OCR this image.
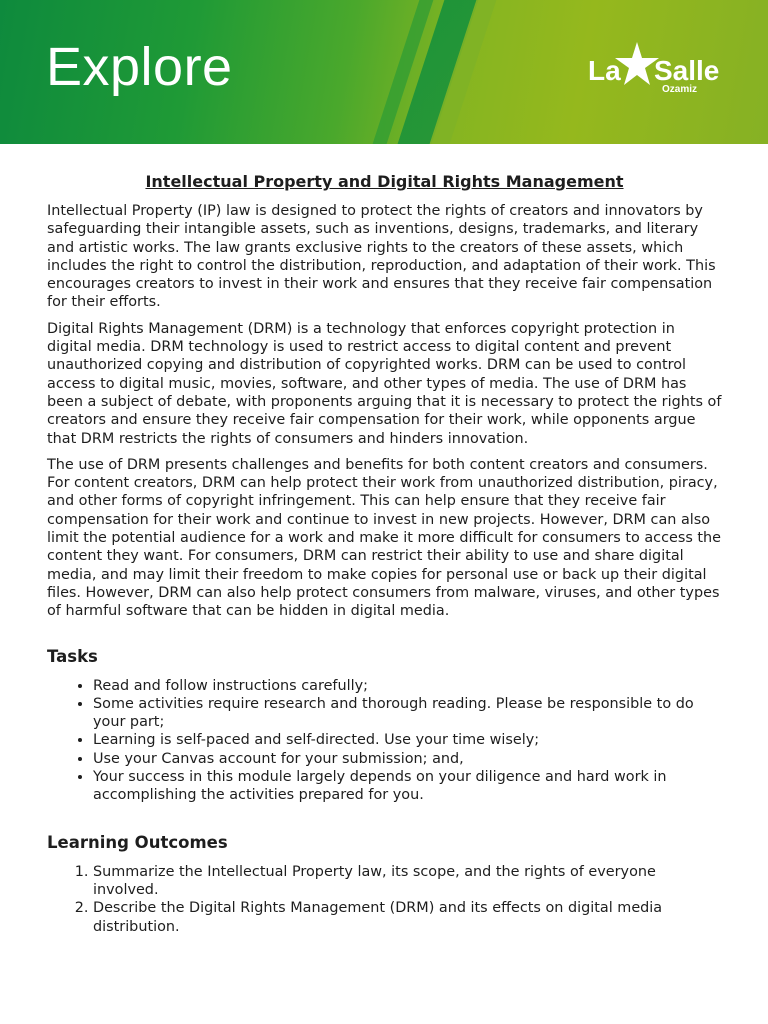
Explore	La Salle
Ozamiz
Intellectual Property and Digital Rights Management

Intellectual Property (IP) law is designed to protect the rights of creators and innovators by safeguarding their intangible assets, such as inventions, designs, trademarks, and literary and artistic works. The law grants exclusive rights to the creators of these assets, which includes the right to control the distribution, reproduction, and adaptation of their work. This encourages creators to invest in their work and ensures that they receive fair compensation for their efforts.

Digital Rights Management (DRM) is a technology that enforces copyright protection in digital media. DRM technology is used to restrict access to digital content and prevent unauthorized copying and distribution of copyrighted works. DRM can be used to control access to digital music, movies, software, and other types of media. The use of DRM has been a subject of debate, with proponents arguing that it is necessary to protect the rights of creators and ensure they receive fair compensation for their work, while opponents argue that DRM restricts the rights of consumers and hinders innovation.

The use of DRM presents challenges and benefits for both content creators and consumers. For content creators, DRM can help protect their work from unauthorized distribution, piracy, and other forms of copyright infringement. This can help ensure that they receive fair compensation for their work and continue to invest in new projects. However, DRM can also limit the potential audience for a work and make it more difficult for consumers to access the content they want. For consumers, DRM can restrict their ability to use and share digital media, and may limit their freedom to make copies for personal use or back up their digital files. However, DRM can also help protect consumers from malware, viruses, and other types of harmful software that can be hidden in digital media.

Tasks
• Read and follow instructions carefully;
• Some activities require research and thorough reading. Please be responsible to do your part;
• Learning is self-paced and self-directed. Use your time wisely;
• Use your Canvas account for your submission; and,
• Your success in this module largely depends on your diligence and hard work in accomplishing the activities prepared for you.
Learning Outcomes
1. Summarize the Intellectual Property law, its scope, and the rights of everyone involved.
2. Describe the Digital Rights Management (DRM) and its effects on digital media distribution.
